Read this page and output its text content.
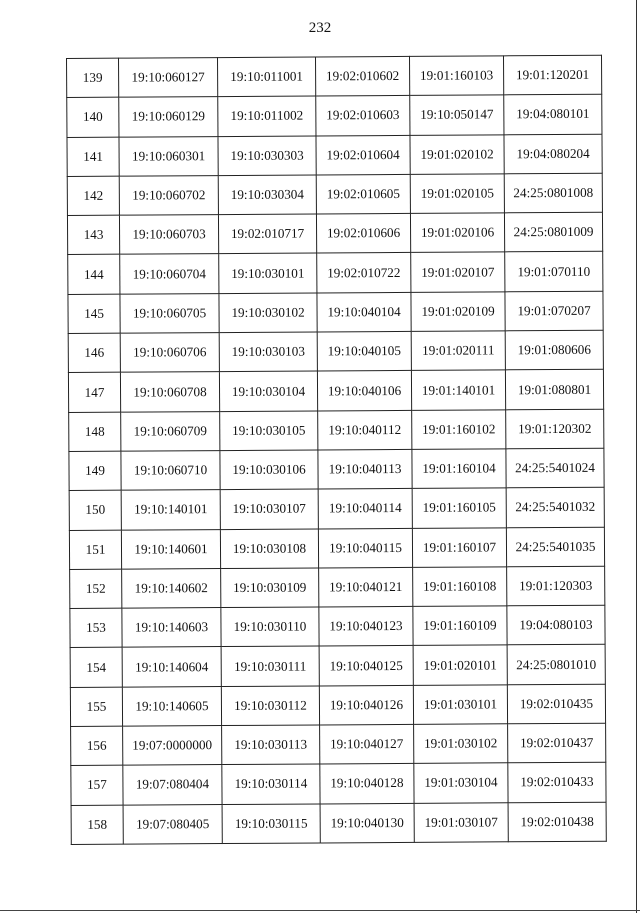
232
139	19:10:060127	19:10:011001	19:02:010602	19:01:160103	19:01:120201
140	19:10:060129	19:10:011002	19:02:010603	19:10:050147	19:04:080101
141	19:10:060301	19:10:030303	19:02:010604	19:01:020102	19:04:080204
142	19:10:060702	19:10:030304	19:02:010605	19:01:020105	24:25:0801008
143	19:10:060703	19:02:010717	19:02:010606	19:01:020106	24:25:0801009
144	19:10:060704	19:10:030101	19:02:010722	19:01:020107	19:01:070110
145	19:10:060705	19:10:030102	19:10:040104	19:01:020109	19:01:070207
146	19:10:060706	19:10:030103	19:10:040105	19:01:020111	19:01:080606
147	19:10:060708	19:10:030104	19:10:040106	19:01:140101	19:01:080801
148	19:10:060709	19:10:030105	19:10:040112	19:01:160102	19:01:120302
149	19:10:060710	19:10:030106	19:10:040113	19:01:160104	24:25:5401024
150	19:10:140101	19:10:030107	19:10:040114	19:01:160105	24:25:5401032
151	19:10:140601	19:10:030108	19:10:040115	19:01:160107	24:25:5401035
152	19:10:140602	19:10:030109	19:10:040121	19:01:160108	19:01:120303
153	19:10:140603	19:10:030110	19:10:040123	19:01:160109	19:04:080103
154	19:10:140604	19:10:030111	19:10:040125	19:01:020101	24:25:0801010
155	19:10:140605	19:10:030112	19:10:040126	19:01:030101	19:02:010435
156	19:07:0000000	19:10:030113	19:10:040127	19:01:030102	19:02:010437
157	19:07:080404	19:10:030114	19:10:040128	19:01:030104	19:02:010433
158	19:07:080405	19:10:030115	19:10:040130	19:01:030107	19:02:010438
